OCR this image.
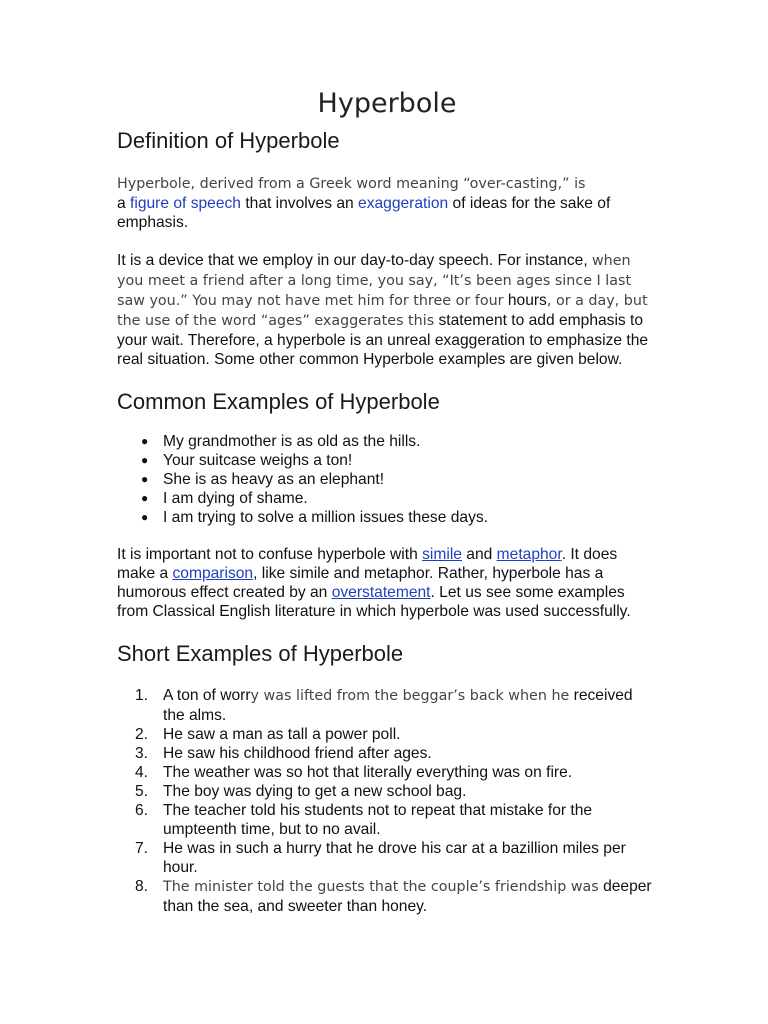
Hyperbole
Definition of Hyperbole

Hyperbole, derived from a Greek word meaning “over-casting,” is
a figure of speech that involves an exaggeration of ideas for the sake of emphasis.

It is a device that we employ in our day-to-day speech. For instance, when you meet a friend after a long time, you say, “It’s been ages since I last saw you.” You may not have met him for three or four hours, or a day, but the use of the word “ages” exaggerates this statement to add emphasis to your wait. Therefore, a hyperbole is an unreal exaggeration to emphasize the real situation. Some other common Hyperbole examples are given below.

Common Examples of Hyperbole
● My grandmother is as old as the hills.
● Your suitcase weighs a ton!
● She is as heavy as an elephant!
● I am dying of shame.
● I am trying to solve a million issues these days.

It is important not to confuse hyperbole with simile and metaphor. It does make a comparison, like simile and metaphor. Rather, hyperbole has a humorous effect created by an overstatement. Let us see some examples from Classical English literature in which hyperbole was used successfully.

Short Examples of Hyperbole
1. A ton of worry was lifted from the beggar’s back when he received the alms.
2. He saw a man as tall a power poll.
3. He saw his childhood friend after ages.
4. The weather was so hot that literally everything was on fire.
5. The boy was dying to get a new school bag.
6. The teacher told his students not to repeat that mistake for the umpteenth time, but to no avail.
7. He was in such a hurry that he drove his car at a bazillion miles per hour.
8. The minister told the guests that the couple’s friendship was deeper than the sea, and sweeter than honey.
